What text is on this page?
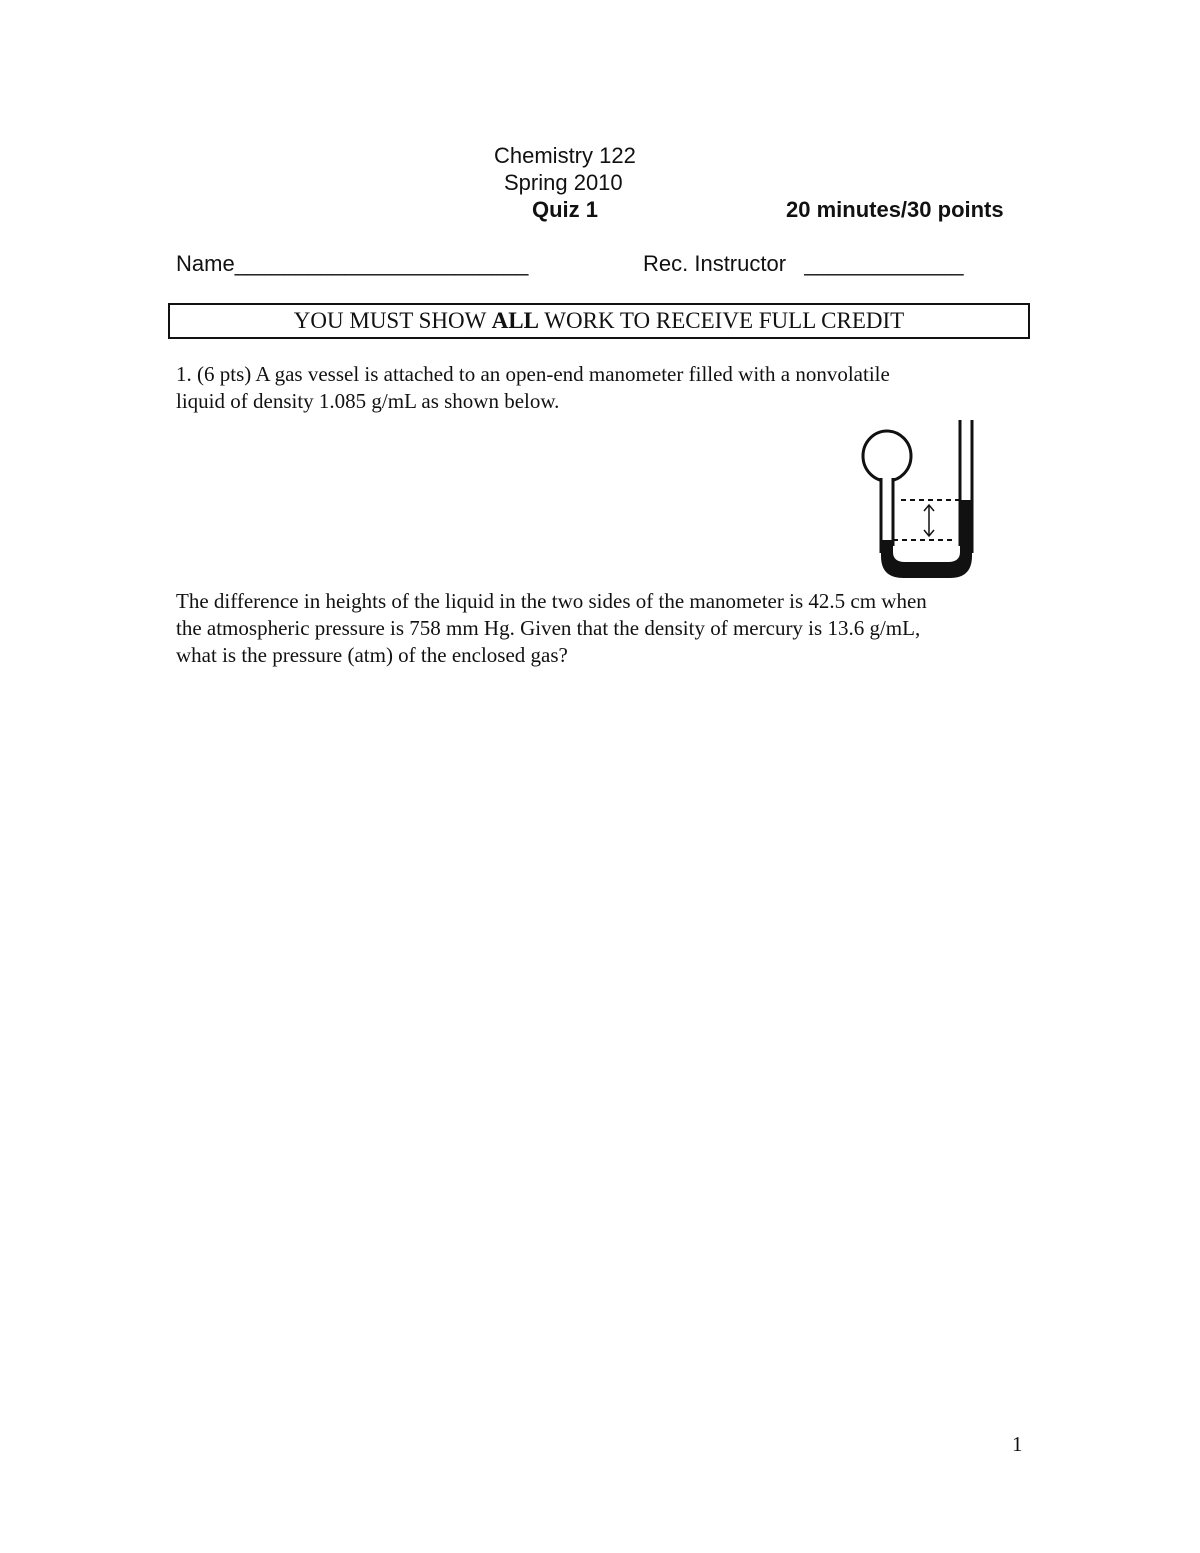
Chemistry 122
Spring 2010
Quiz 1	20 minutes/30 points
Name________________________	Rec. Instructor _____________
YOU MUST SHOW ALL WORK TO RECEIVE FULL CREDIT
1. (6 pts) A gas vessel is attached to an open-end manometer filled with a nonvolatile
liquid of density 1.085 g/mL as shown below.
The difference in heights of the liquid in the two sides of the manometer is 42.5 cm when
the atmospheric pressure is 758 mm Hg. Given that the density of mercury is 13.6 g/mL,
what is the pressure (atm) of the enclosed gas?
1
